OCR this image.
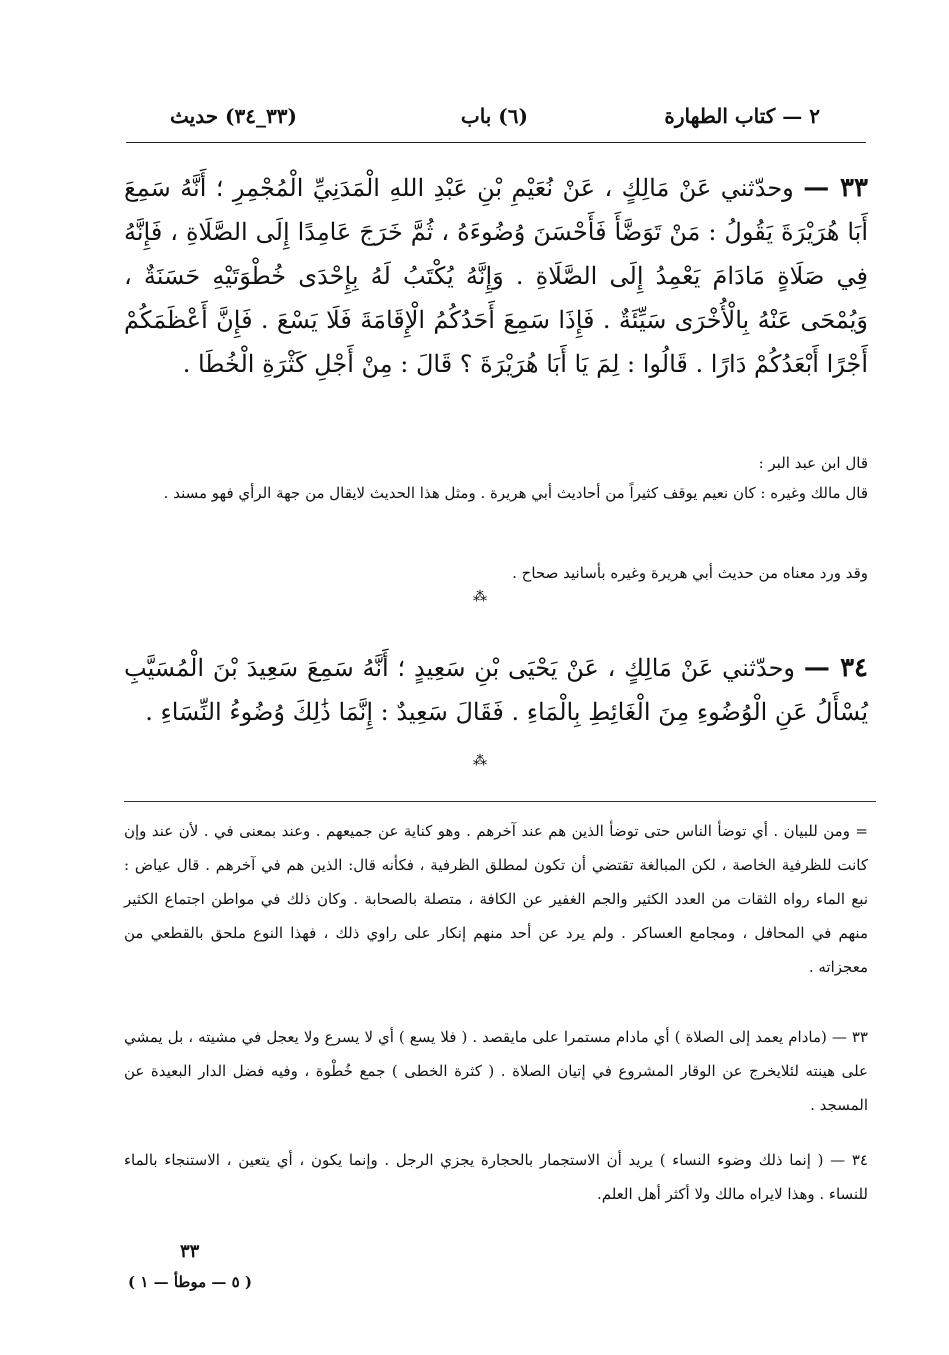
٢ — كتاب الطهارة
(٦) باب
(٣٣_٣٤) حديث
٣٣ — وحدّثني عَنْ مَالِكٍ ، عَنْ نُعَيْمِ بْنِ عَبْدِ اللهِ الْمَدَنِيِّ الْمُجْمِرِ ؛ أَنَّهُ سَمِعَ أَبَا هُرَيْرَةَ يَقُولُ : مَنْ تَوَضَّأَ فَأَحْسَنَ وُضُوءَهُ ، ثُمَّ خَرَجَ عَامِدًا إِلَى الصَّلَاةِ ، فَإِنَّهُ فِي صَلَاةٍ مَادَامَ يَعْمِدُ إِلَى الصَّلَاةِ . وَإِنَّهُ يُكْتَبُ لَهُ بِإِحْدَى خُطْوَتَيْهِ حَسَنَةٌ ، وَيُمْحَى عَنْهُ بِالْأُخْرَى سَيِّئَةٌ . فَإِذَا سَمِعَ أَحَدُكُمُ الْإِقَامَةَ فَلَا يَسْعَ . فَإِنَّ أَعْظَمَكُمْ أَجْرًا أَبْعَدُكُمْ دَارًا . قَالُوا : لِمَ يَا أَبَا هُرَيْرَةَ ؟ قَالَ : مِنْ أَجْلِ كَثْرَةِ الْخُطَا .
قال ابن عبد البر :
قال مالك وغيره : كان نعيم يوقف كثيراً من أحاديث أبي هريرة . ومثل هذا الحديث لايقال من جهة الرأي فهو مسند .
وقد ورد معناه من حديث أبي هريرة وغيره بأسانيد صحاح .
⁂
٣٤ — وحدّثني عَنْ مَالِكٍ ، عَنْ يَحْيَى بْنِ سَعِيدٍ ؛ أَنَّهُ سَمِعَ سَعِيدَ بْنَ الْمُسَيَّبِ يُسْأَلُ عَنِ الْوُضُوءِ مِنَ الْغَائِطِ بِالْمَاءِ . فَقَالَ سَعِيدٌ : إِنَّمَا ذَٰلِكَ وُضُوءُ النِّسَاءِ .
⁂
= ومن للبيان . أي توضأ الناس حتى توضأ الذين هم عند آخرهم . وهو كناية عن جميعهم . وعند بمعنى في . لأن عند وإن كانت للظرفية الخاصة ، لكن المبالغة تقتضي أن تكون لمطلق الظرفية ، فكأنه قال: الذين هم في آخرهم . قال عياض : نبع الماء رواه الثقات من العدد الكثير والجم الغفير عن الكافة ، متصلة بالصحابة . وكان ذلك في مواطن اجتماع الكثير منهم في المحافل ، ومجامع العساكر . ولم يرد عن أحد منهم إنكار على راوي ذلك ، فهذا النوع ملحق بالقطعي من معجزاته .
٣٣ — (مادام يعمد إلى الصلاة ) أي مادام مستمرا على مايقصد . ( فلا يسع ) أي لا يسرع ولا يعجل في مشيته ، بل يمشي على هينته لئلايخرج عن الوقار المشروع في إتيان الصلاة . ( كثرة الخطى ) جمع خُطْوة ، وفيه فضل الدار البعيدة عن المسجد .
٣٤ — ( إنما ذلك وضوء النساء ) يريد أن الاستجمار بالحجارة يجزي الرجل . وإنما يكون ، أي يتعين ، الاستنجاء بالماء للنساء . وهذا لايراه مالك ولا أكثر أهل العلم.
٣٣
( ٥ — موطأ — ١ )
